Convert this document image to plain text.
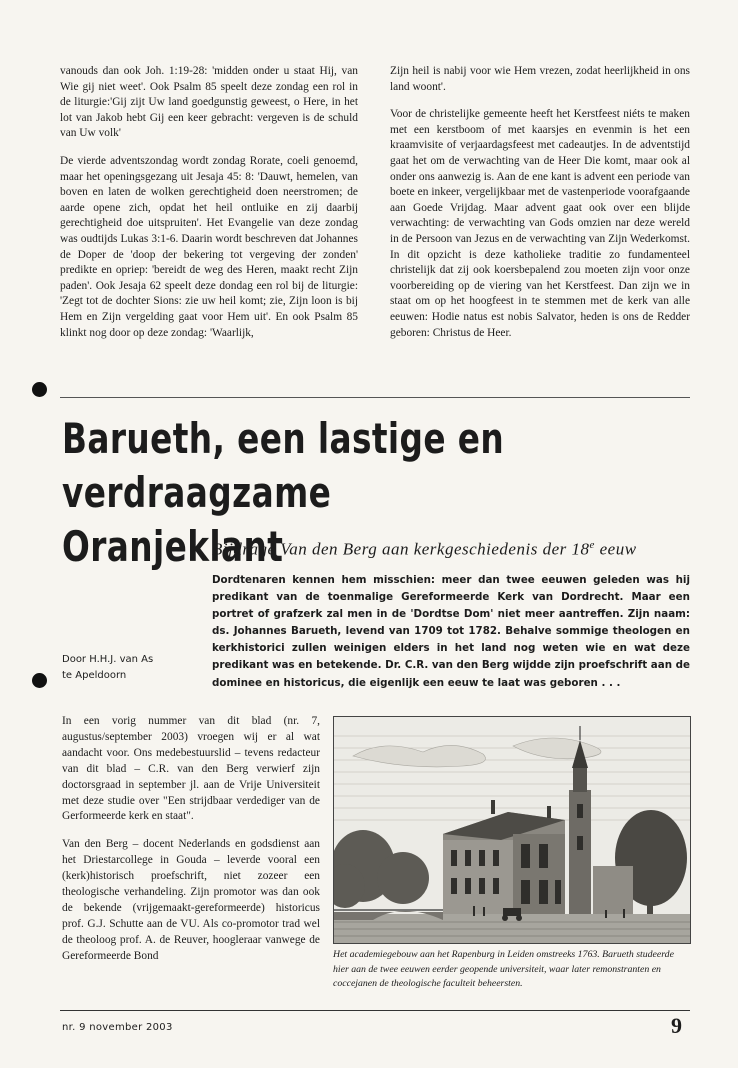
vanouds dan ook Joh. 1:19-28: 'midden onder u staat Hij, van Wie gij niet weet'. Ook Psalm 85 speelt deze zondag een rol in de liturgie:'Gij zijt Uw land goedgunstig geweest, o Here, in het lot van Jakob hebt Gij een keer gebracht: vergeven is de schuld van Uw volk'

De vierde adventszondag wordt zondag Rorate, coeli genoemd, maar het openingsgezang uit Jesaja 45: 8: 'Dauwt, hemelen, van boven en laten de wolken gerechtigheid doen neerstromen; de aarde opene zich, opdat het heil ontluike en zij daarbij gerechtigheid doe uitspruiten'. Het Evangelie van deze zondag was oudtijds Lukas 3:1-6. Daarin wordt beschreven dat Johannes de Doper de 'doop der bekering tot vergeving der zonden' predikte en opriep: 'bereidt de weg des Heren, maakt recht Zijn paden'. Ook Jesaja 62 speelt deze dondag een rol bij de liturgie: 'Zegt tot de dochter Sions: zie uw heil komt; zie, Zijn loon is bij Hem en Zijn vergelding gaat voor Hem uit'. En ook Psalm 85 klinkt nog door op deze zondag: 'Waarlijk,

Zijn heil is nabij voor wie Hem vrezen, zodat heerlijkheid in ons land woont'.

Voor de christelijke gemeente heeft het Kerstfeest niéts te maken met een kerstboom of met kaarsjes en evenmin is het een kraamvisite of verjaardagsfeest met cadeautjes. In de adventstijd gaat het om de verwachting van de Heer Die komt, maar ook al onder ons aanwezig is. Aan de ene kant is advent een periode van boete en inkeer, vergelijkbaar met de vastenperiode voorafgaande aan Goede Vrijdag. Maar advent gaat ook over een blijde verwachting: de verwachting van Gods omzien nar deze wereld in de Persoon van Jezus en de verwachting van Zijn Wederkomst. In dit opzicht is deze katholieke traditie zo fundamenteel christelijk dat zij ook koersbepalend zou moeten zijn voor onze voorbereiding op de viering van het Kerstfeest. Dan zijn we in staat om op het hoogfeest in te stemmen met de kerk van alle eeuwen: Hodie natus est nobis Salvator, heden is ons de Redder geboren: Christus de Heer.

Barueth, een lastige en
verdraagzame Oranjeklant
Bijdrage Van den Berg aan kerkgeschiedenis der 18e eeuw
Dordtenaren kennen hem misschien: meer dan twee eeuwen geleden was hij predikant van de toenmalige Gereformeerde Kerk van Dordrecht. Maar een portret of grafzerk zal men in de 'Dordtse Dom' niet meer aantreffen. Zijn naam: ds. Johannes Barueth, levend van 1709 tot 1782. Behalve sommige theologen en kerkhistorici zullen weinigen elders in het land nog weten wie en wat deze predikant was en betekende. Dr. C.R. van den Berg wijdde zijn proefschrift aan de dominee en historicus, die eigenlijk een eeuw te laat was geboren . . .
Door H.H.J. van As
te Apeldoorn

In een vorig nummer van dit blad (nr. 7, augustus/september 2003) vroegen wij er al wat aandacht voor. Ons medebestuurslid – tevens redacteur van dit blad – C.R. van den Berg verwierf zijn doctorsgraad in september jl. aan de Vrije Universiteit met deze studie over "Een strijdbaar verdediger van de Gerformeerde kerk en staat".

Van den Berg – docent Nederlands en godsdienst aan het Driestarcollege in Gouda – leverde vooral een (kerk)historisch proefschrift, niet zozeer een theologische verhandeling. Zijn promotor was dan ook de bekende (vrijgemaakt-gereformeerde) historicus prof. G.J. Schutte aan de VU. Als co-promotor trad wel de theoloog prof. A. de Reuver, hoogleraar vanwege de Gereformeerde Bond	Het academiegebouw aan het Rapenburg in Leiden omstreeks 1763. Barueth studeerde hier aan de twee eeuwen eerder geopende universiteit, waar later remonstranten en coccejanen de theologische faculteit beheersten.
nr. 9 november 2003	9
